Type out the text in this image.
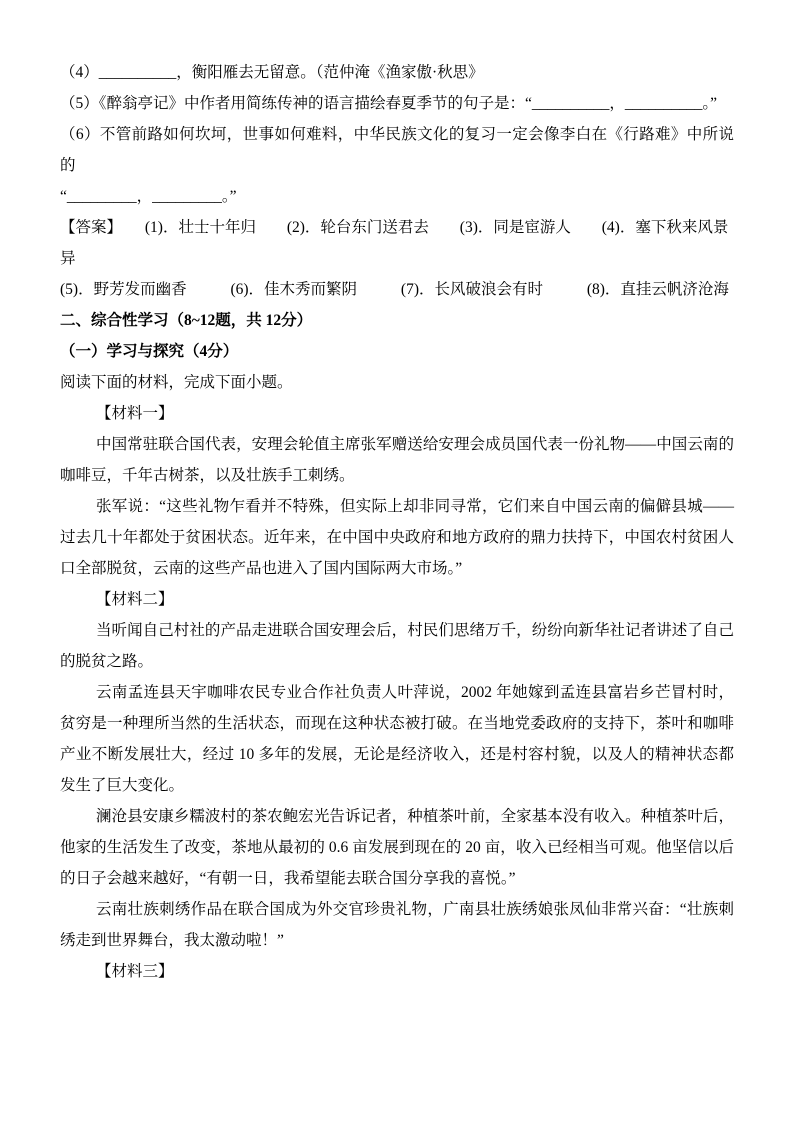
（4）__________，衡阳雁去无留意。（范仲淹《渔家傲·秋思》

（5）《醉翁亭记》中作者用简练传神的语言描绘春夏季节的句子是：“__________，__________。”

（6）不管前路如何坎坷，世事如何难料，中华民族文化的复习一定会像李白在《行路难》中所说的

“_________，_________。”

【答案】 (1)．壮士十年归 (2)．轮台东门送君去 (3)．同是宦游人 (4)．塞下秋来风景异

(5)．野芳发而幽香	(6)．佳木秀而繁阴	(7)．长风破浪会有时	(8)．直挂云帆济沧海

二、综合性学习（8~12题，共 12分）

（一）学习与探究（4分）

阅读下面的材料，完成下面小题。

【材料一】

中国常驻联合国代表，安理会轮值主席张军赠送给安理会成员国代表一份礼物——中国云南的咖啡豆，千年古树茶，以及壮族手工刺绣。

张军说：“这些礼物乍看并不特殊，但实际上却非同寻常，它们来自中国云南的偏僻县城——过去几十年都处于贫困状态。近年来，在中国中央政府和地方政府的鼎力扶持下，中国农村贫困人口全部脱贫，云南的这些产品也进入了国内国际两大市场。”

【材料二】

当听闻自己村社的产品走进联合国安理会后，村民们思绪万千，纷纷向新华社记者讲述了自己的脱贫之路。

云南孟连县天宇咖啡农民专业合作社负责人叶萍说，2002 年她嫁到孟连县富岩乡芒冒村时，贫穷是一种理所当然的生活状态，而现在这种状态被打破。在当地党委政府的支持下，茶叶和咖啡产业不断发展壮大，经过 10 多年的发展，无论是经济收入，还是村容村貌，以及人的精神状态都发生了巨大变化。

澜沧县安康乡糯波村的茶农鲍宏光告诉记者，种植茶叶前，全家基本没有收入。种植茶叶后，他家的生活发生了改变，茶地从最初的 0.6 亩发展到现在的 20 亩，收入已经相当可观。他坚信以后的日子会越来越好，“有朝一日，我希望能去联合国分享我的喜悦。”

云南壮族刺绣作品在联合国成为外交官珍贵礼物，广南县壮族绣娘张凤仙非常兴奋：“壮族刺绣走到世界舞台，我太激动啦！”

【材料三】
